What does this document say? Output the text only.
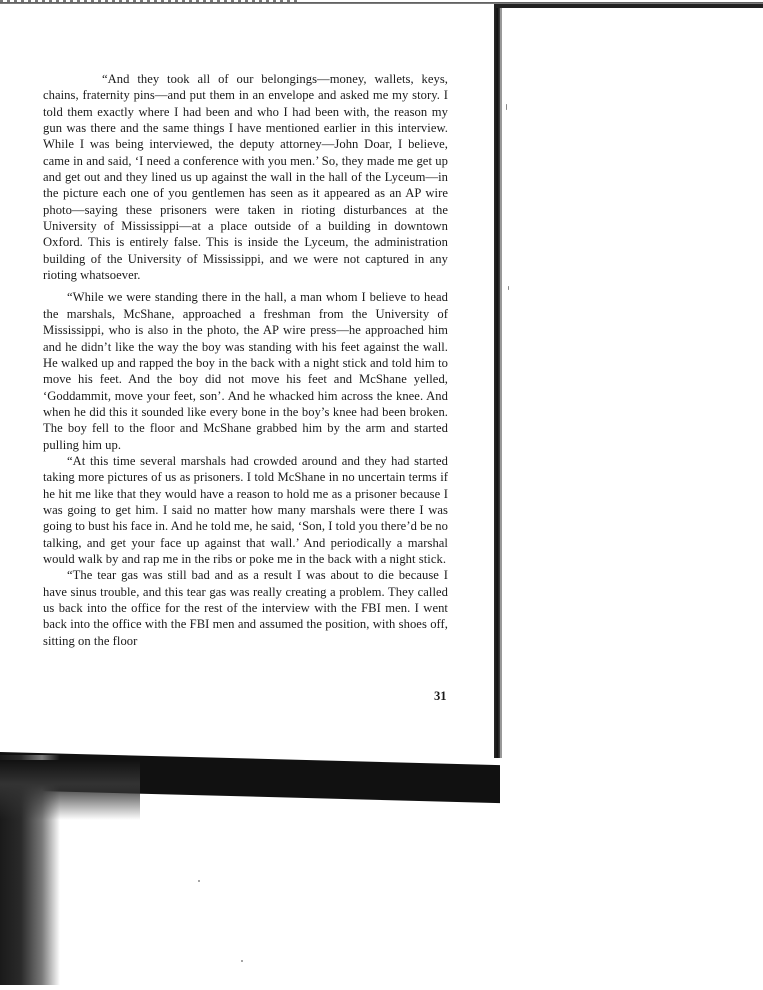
“And they took all of our belongings—money, wallets, keys, chains, fraternity pins—and put them in an envelope and asked me my story. I told them exactly where I had been and who I had been with, the reason my gun was there and the same things I have mentioned earlier in this interview. While I was being interviewed, the deputy attorney—John Doar, I believe, came in and said, ‘I need a conference with you men.’ So, they made me get up and get out and they lined us up against the wall in the hall of the Lyceum—in the picture each one of you gentlemen has seen as it appeared as an AP wire photo—saying these prisoners were taken in rioting disturbances at the University of Mississippi—at a place outside of a building in downtown Oxford. This is entirely false. This is inside the Lyceum, the administration building of the University of Mississippi, and we were not captured in any rioting whatsoever.

“While we were standing there in the hall, a man whom I believe to head the marshals, McShane, approached a freshman from the University of Mississippi, who is also in the photo, the AP wire press—he approached him and he didn’t like the way the boy was standing with his feet against the wall. He walked up and rapped the boy in the back with a night stick and told him to move his feet. And the boy did not move his feet and McShane yelled, ‘Goddammit, move your feet, son’. And he whacked him across the knee. And when he did this it sounded like every bone in the boy’s knee had been broken. The boy fell to the floor and McShane grabbed him by the arm and started pulling him up.

“At this time several marshals had crowded around and they had started taking more pictures of us as prisoners. I told McShane in no uncertain terms if he hit me like that they would have a reason to hold me as a prisoner because I was going to get him. I said no matter how many marshals were there I was going to bust his face in. And he told me, he said, ‘Son, I told you there’d be no talking, and get your face up against that wall.’ And periodically a marshal would walk by and rap me in the ribs or poke me in the back with a night stick.

“The tear gas was still bad and as a result I was about to die because I have sinus trouble, and this tear gas was really creating a problem. They called us back into the office for the rest of the interview with the FBI men. I went back into the office with the FBI men and assumed the position, with shoes off, sitting on the floor

31
